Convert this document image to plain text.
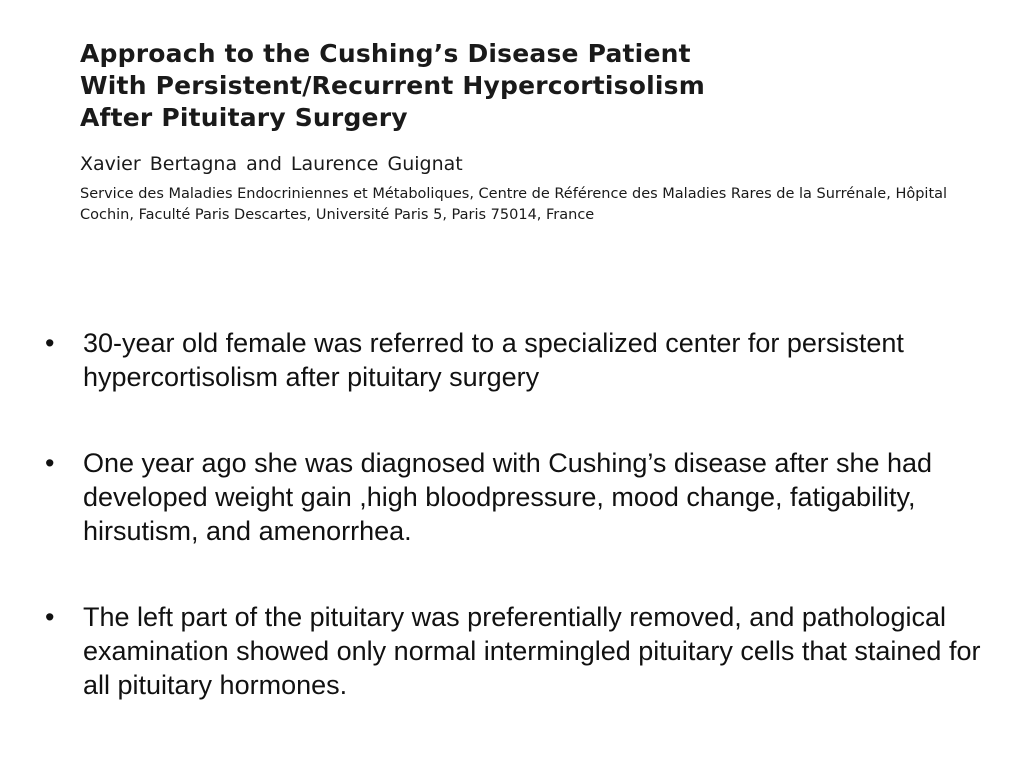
Approach to the Cushing’s Disease Patient
With Persistent/Recurrent Hypercortisolism
After Pituitary Surgery

Xavier Bertagna and Laurence Guignat

Service des Maladies Endocriniennes et Métaboliques, Centre de Référence des Maladies Rares de la Surrénale, Hôpital Cochin, Faculté Paris Descartes, Université Paris 5, Paris 75014, France

• 30-year old female was referred to a specialized center for persistent hypercortisolism after pituitary surgery
• One year ago she was diagnosed with Cushing’s disease after she had developed weight gain ,high bloodpressure, mood change, fatigability, hirsutism, and amenorrhea.
• The left part of the pituitary was preferentially removed, and pathological examination showed only normal intermingled pituitary cells that stained for all pituitary hormones.
